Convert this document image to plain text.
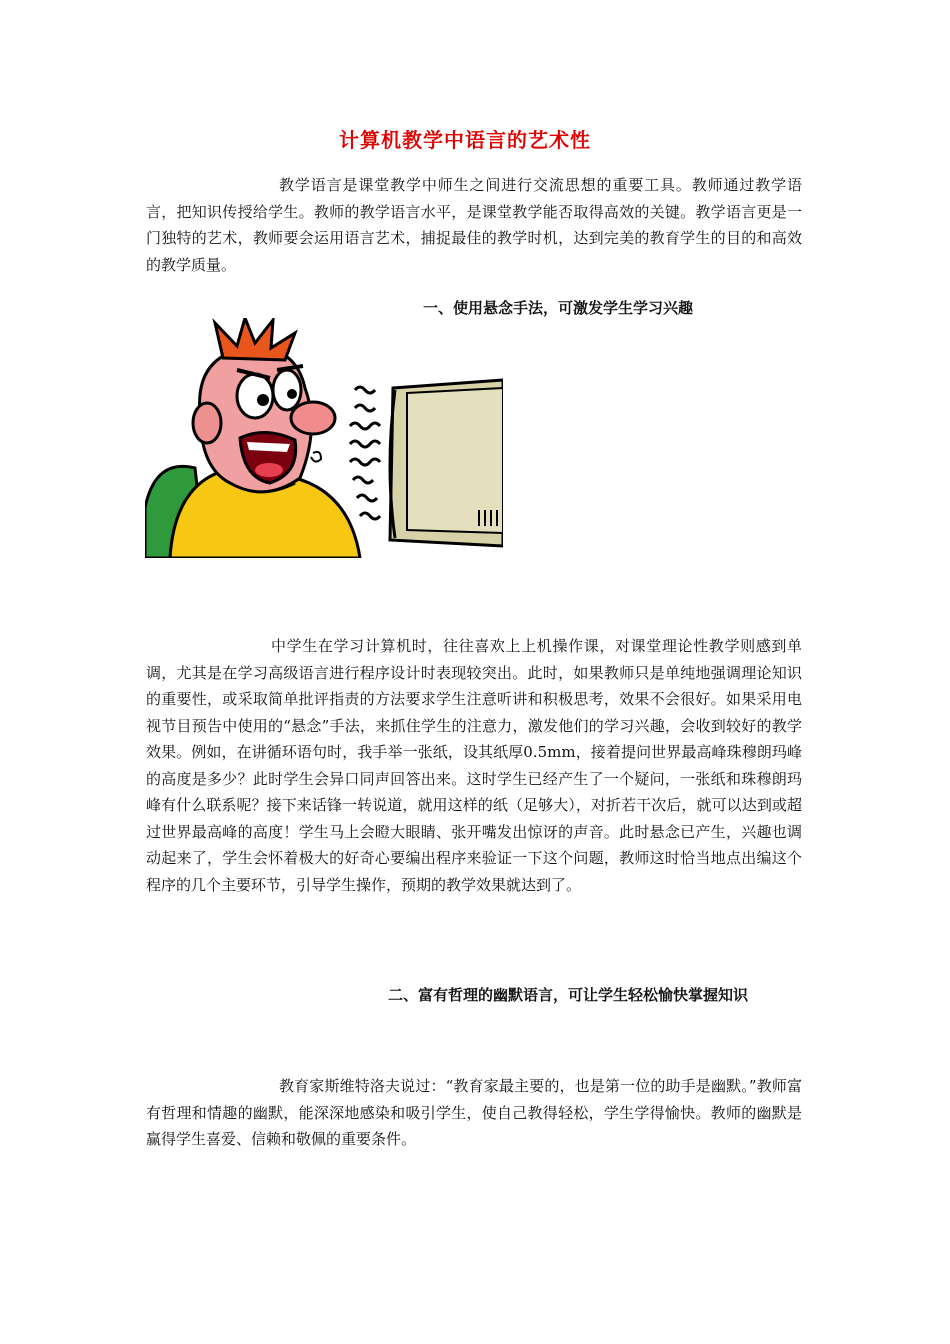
计算机教学中语言的艺术性
教学语言是课堂教学中师生之间进行交流思想的重要工具。教师通过教学语言，把知识传授给学生。教师的教学语言水平，是课堂教学能否取得高效的关键。教学语言更是一门独特的艺术，教师要会运用语言艺术，捕捉最佳的教学时机，达到完美的教育学生的目的和高效的教学质量。
一、使用悬念手法，可激发学生学习兴趣
中学生在学习计算机时，往往喜欢上上机操作课，对课堂理论性教学则感到单调，尤其是在学习高级语言进行程序设计时表现较突出。此时，如果教师只是单纯地强调理论知识的重要性，或采取简单批评指责的方法要求学生注意听讲和积极思考，效果不会很好。如果采用电视节目预告中使用的“悬念”手法，来抓住学生的注意力，激发他们的学习兴趣，会收到较好的教学效果。例如，在讲循环语句时，我手举一张纸，设其纸厚0.5mm，接着提问世界最高峰珠穆朗玛峰的高度是多少？此时学生会异口同声回答出来。这时学生已经产生了一个疑问，一张纸和珠穆朗玛峰有什么联系呢？接下来话锋一转说道，就用这样的纸（足够大），对折若干次后，就可以达到或超过世界最高峰的高度！学生马上会瞪大眼睛、张开嘴发出惊讶的声音。此时悬念已产生，兴趣也调动起来了，学生会怀着极大的好奇心要编出程序来验证一下这个问题，教师这时恰当地点出编这个程序的几个主要环节，引导学生操作，预期的教学效果就达到了。
二、富有哲理的幽默语言，可让学生轻松愉快掌握知识
教育家斯维特洛夫说过：“教育家最主要的，也是第一位的助手是幽默。”教师富有哲理和情趣的幽默，能深深地感染和吸引学生，使自己教得轻松，学生学得愉快。教师的幽默是赢得学生喜爱、信赖和敬佩的重要条件。
